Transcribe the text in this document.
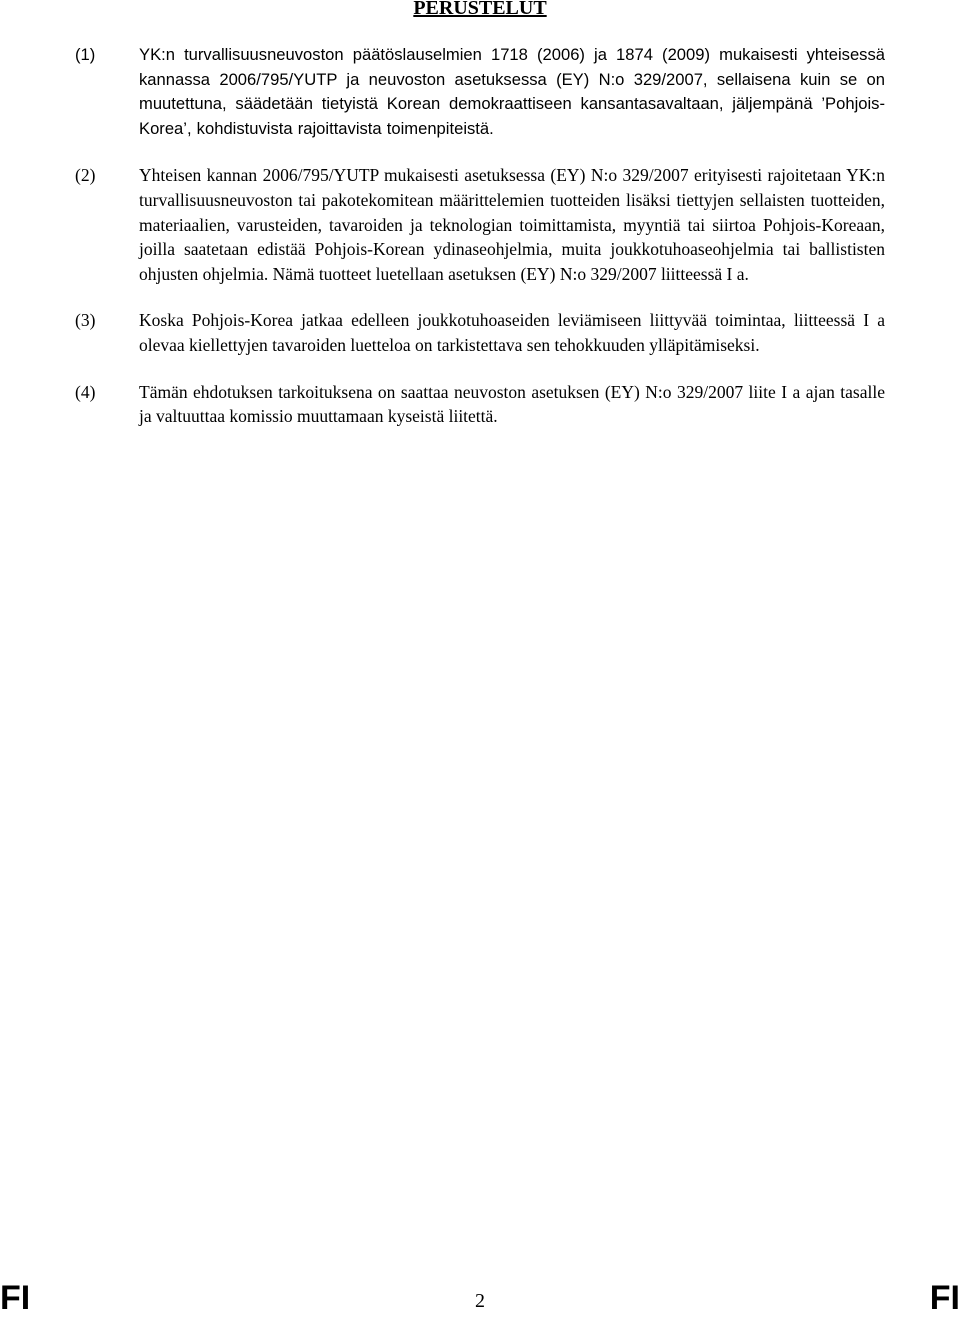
PERUSTELUT
(1)	YK:n turvallisuusneuvoston päätöslauselmien 1718 (2006) ja 1874 (2009) mukaisesti yhteisessä kannassa 2006/795/YUTP ja neuvoston asetuksessa (EY) N:o 329/2007, sellaisena kuin se on muutettuna, säädetään tietyistä Korean demokraattiseen kansantasavaltaan, jäljempänä ’Pohjois-Korea’, kohdistuvista rajoittavista toimenpiteistä.
(2) Yhteisen kannan 2006/795/YUTP mukaisesti asetuksessa (EY) N:o 329/2007 erityisesti rajoitetaan YK:n turvallisuusneuvoston tai pakotekomitean määrittelemien tuotteiden lisäksi tiettyjen sellaisten tuotteiden, materiaalien, varusteiden, tavaroiden ja teknologian toimittamista, myyntiä tai siirtoa Pohjois-Koreaan, joilla saatetaan edistää Pohjois-Korean ydinaseohjelmia, muita joukkotuhoaseohjelmia tai ballististen ohjusten ohjelmia. Nämä tuotteet luetellaan asetuksen (EY) N:o 329/2007 liitteessä I a.
(3) Koska Pohjois-Korea jatkaa edelleen joukkotuhoaseiden leviämiseen liittyvää toimintaa, liitteessä I a olevaa kiellettyjen tavaroiden luetteloa on tarkistettava sen tehokkuuden ylläpitämiseksi.
(4) Tämän ehdotuksen tarkoituksena on saattaa neuvoston asetuksen (EY) N:o 329/2007 liite I a ajan tasalle ja valtuuttaa komissio muuttamaan kyseistä liitettä.
FI	2	FI
